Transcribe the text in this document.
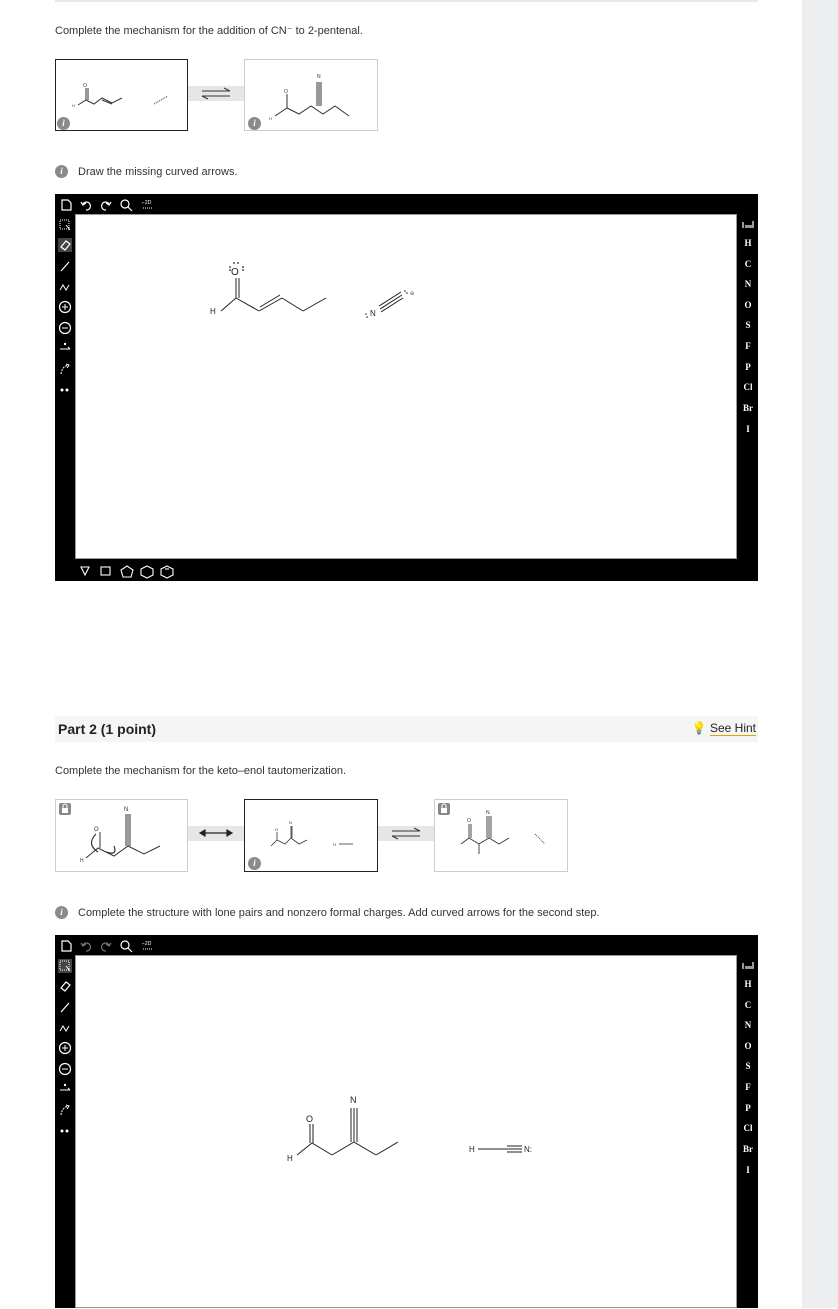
Complete the mechanism for the addition of CN⁻ to 2-pentenal.
O
H
i
O
N
H
i
i	Draw the missing curved arrows.
⌐2D
H
C
N
O
S
F
P
Cl
Br
I
O
H	N
⊖
Part 2 (1 point)	💡 See Hint
Complete the mechanism for the keto–enol tautomerization.
O
N
H
O
N
H
i
O
N
i	Complete the structure with lone pairs and nonzero formal charges. Add curved arrows for the second step.
⌐2D
H
C
N
O
S
F
P
Cl
Br
I
O
H
N
H	N:
